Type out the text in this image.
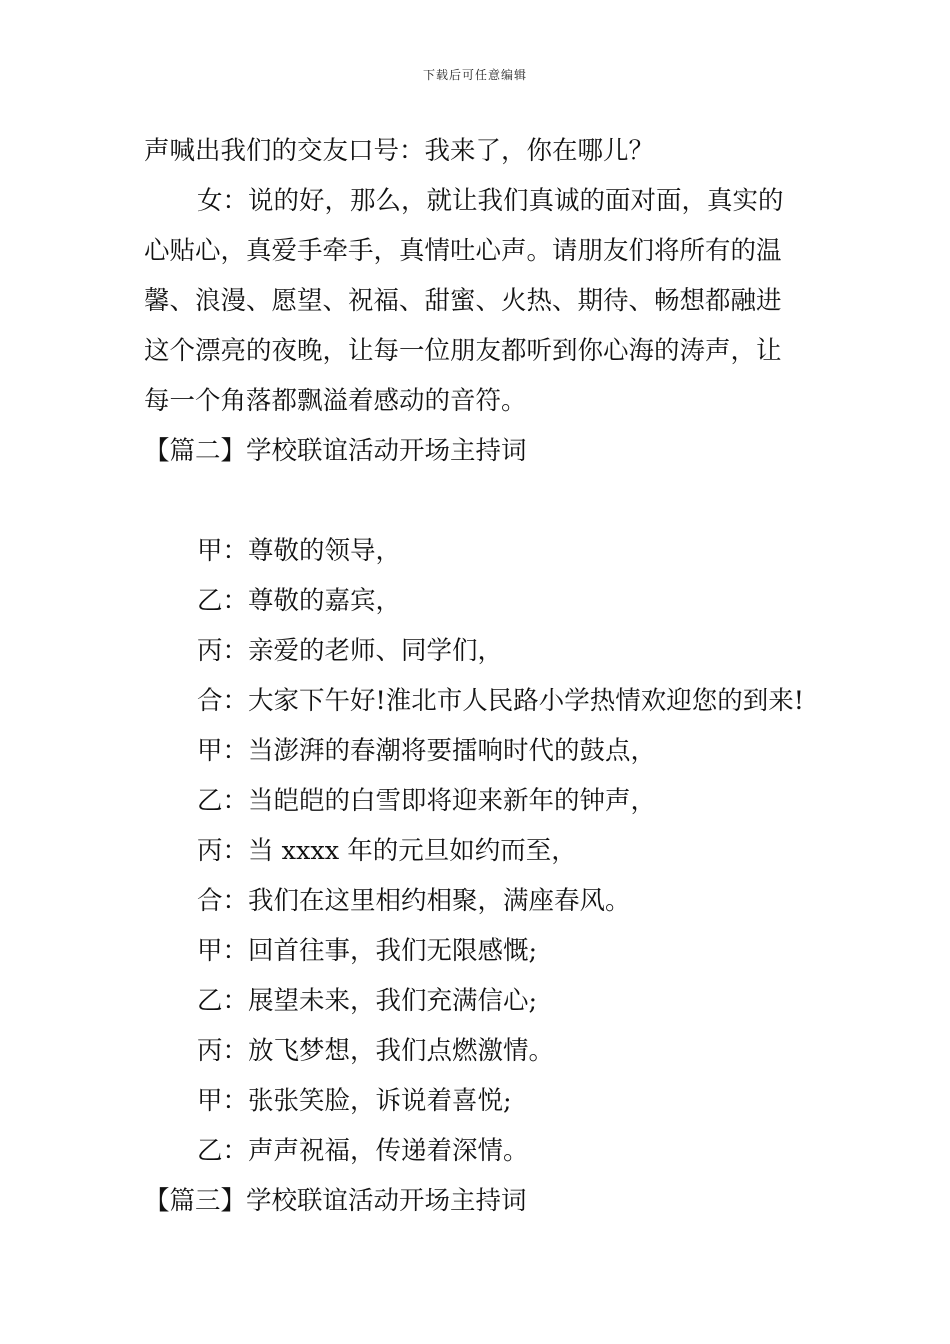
下载后可任意编辑
声喊出我们的交友口号：我来了，你在哪儿？
女：说的好，那么，就让我们真诚的面对面，真实的
心贴心，真爱手牵手，真情吐心声。请朋友们将所有的温
馨、浪漫、愿望、祝福、甜蜜、火热、期待、畅想都融进
这个漂亮的夜晚，让每一位朋友都听到你心海的涛声，让
每一个角落都飘溢着感动的音符。
【篇二】学校联谊活动开场主持词
甲：尊敬的领导，
乙：尊敬的嘉宾，
丙：亲爱的老师、同学们，
合：大家下午好!淮北市人民路小学热情欢迎您的到来!
甲：当澎湃的春潮将要擂响时代的鼓点，
乙：当皑皑的白雪即将迎来新年的钟声，
丙：当 xxxx 年的元旦如约而至，
合：我们在这里相约相聚，满座春风。
甲：回首往事，我们无限感慨;
乙：展望未来，我们充满信心;
丙：放飞梦想，我们点燃激情。
甲：张张笑脸，诉说着喜悦;
乙：声声祝福，传递着深情。
【篇三】学校联谊活动开场主持词
